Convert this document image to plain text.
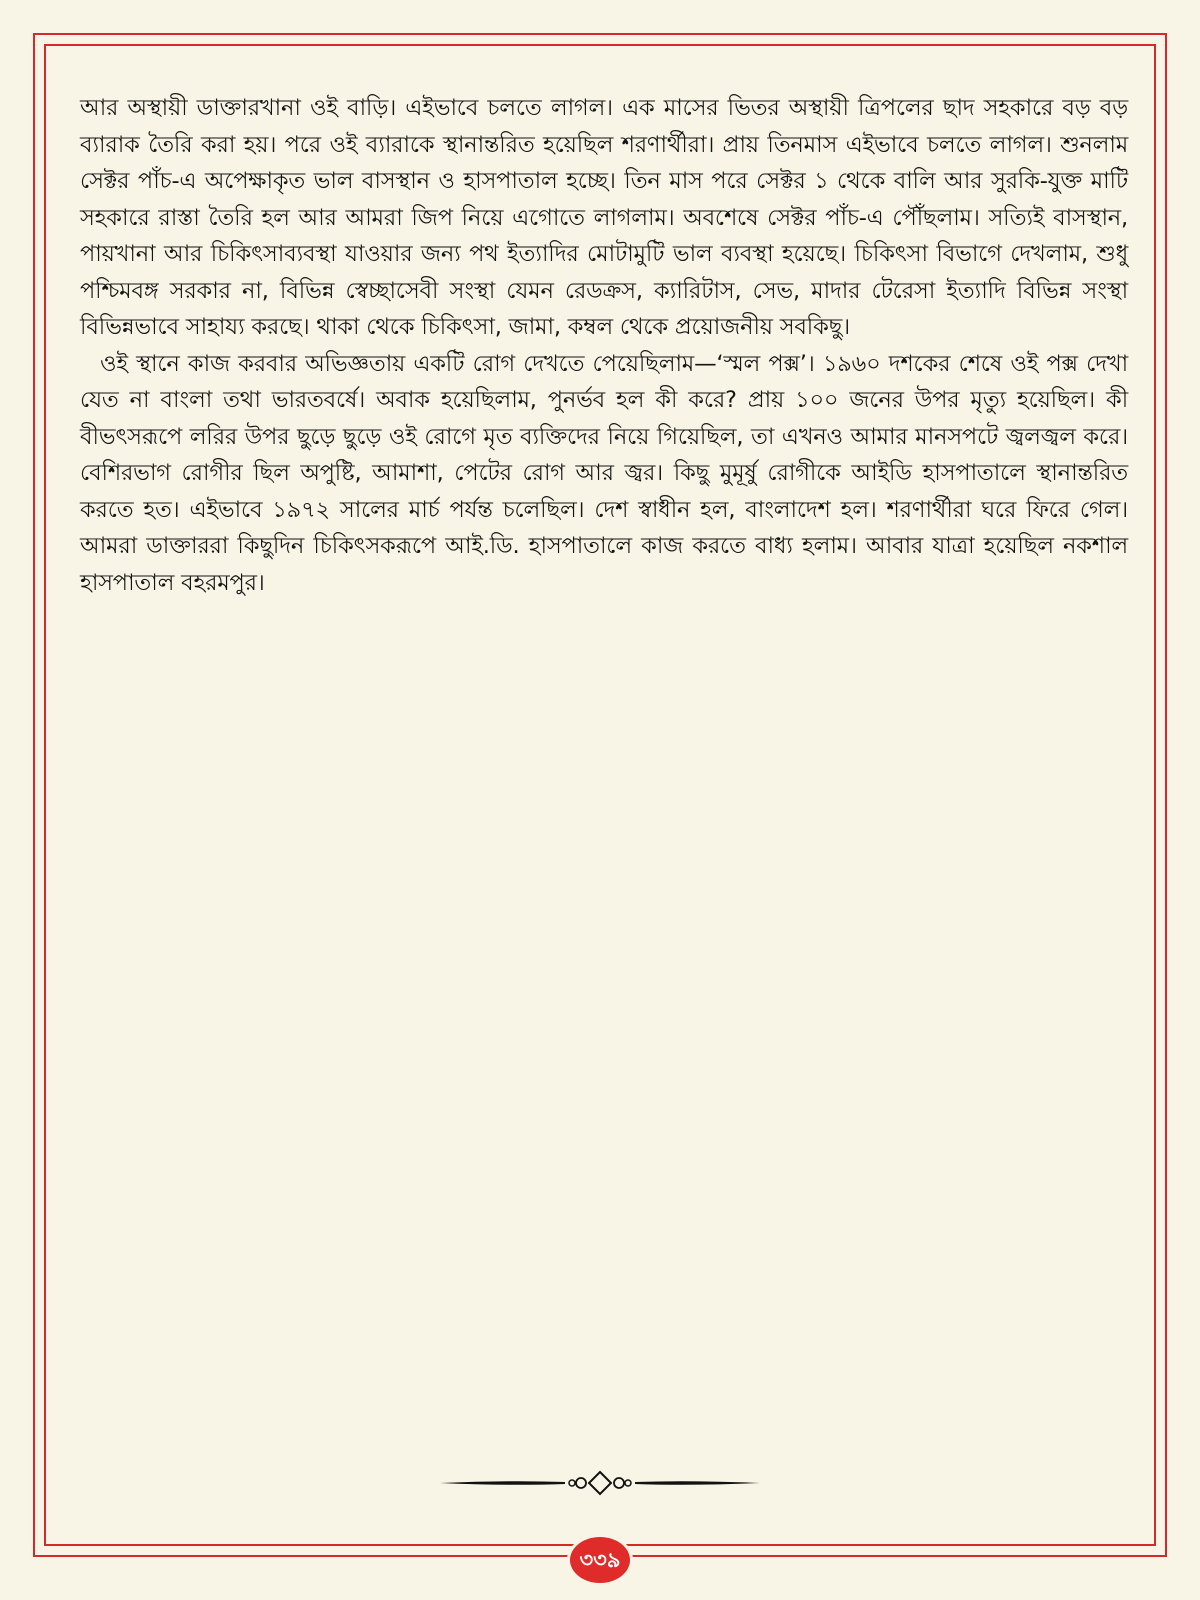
আর অস্থায়ী ডাক্তারখানা ওই বাড়ি। এইভাবে চলতে লাগল। এক মাসের ভিতর অস্থায়ী ত্রিপলের ছাদ সহকারে বড় বড় ব্যারাক তৈরি করা হয়। পরে ওই ব্যারাকে স্থানান্তরিত হয়েছিল শরণার্থীরা। প্রায় তিনমাস এইভাবে চলতে লাগল। শুনলাম সেক্টর পাঁচ-এ অপেক্ষাকৃত ভাল বাসস্থান ও হাসপাতাল হচ্ছে। তিন মাস পরে সেক্টর ১ থেকে বালি আর সুরকি-যুক্ত মাটি সহকারে রাস্তা তৈরি হল আর আমরা জিপ নিয়ে এগোতে লাগলাম। অবশেষে সেক্টর পাঁচ-এ পৌঁছলাম। সত্যিই বাসস্থান, পায়খানা আর চিকিৎসাব্যবস্থা যাওয়ার জন্য পথ ইত্যাদির মোটামুটি ভাল ব্যবস্থা হয়েছে। চিকিৎসা বিভাগে দেখলাম, শুধু পশ্চিমবঙ্গ সরকার না, বিভিন্ন স্বেচ্ছাসেবী সংস্থা যেমন রেডক্রস, ক্যারিটাস, সেভ, মাদার টেরেসা ইত্যাদি বিভিন্ন সংস্থা বিভিন্নভাবে সাহায্য করছে। থাকা থেকে চিকিৎসা, জামা, কম্বল থেকে প্রয়োজনীয় সবকিছু।

ওই স্থানে কাজ করবার অভিজ্ঞতায় একটি রোগ দেখতে পেয়েছিলাম—‘স্মল পক্স’। ১৯৬০ দশকের শেষে ওই পক্স দেখা যেত না বাংলা তথা ভারতবর্ষে। অবাক হয়েছিলাম, পুনর্ভব হল কী করে? প্রায় ১০০ জনের উপর মৃত্যু হয়েছিল। কী বীভৎসরূপে লরির উপর ছুড়ে ছুড়ে ওই রোগে মৃত ব্যক্তিদের নিয়ে গিয়েছিল, তা এখনও আমার মানসপটে জ্বলজ্বল করে। বেশিরভাগ রোগীর ছিল অপুষ্টি, আমাশা, পেটের রোগ আর জ্বর। কিছু মুমূর্ষু রোগীকে আইডি হাসপাতালে স্থানান্তরিত করতে হত। এইভাবে ১৯৭২ সালের মার্চ পর্যন্ত চলেছিল। দেশ স্বাধীন হল, বাংলাদেশ হল। শরণার্থীরা ঘরে ফিরে গেল। আমরা ডাক্তাররা কিছুদিন চিকিৎসকরূপে আই.ডি. হাসপাতালে কাজ করতে বাধ্য হলাম। আবার যাত্রা হয়েছিল নকশাল হাসপাতাল বহরমপুর।

৩৩৯
